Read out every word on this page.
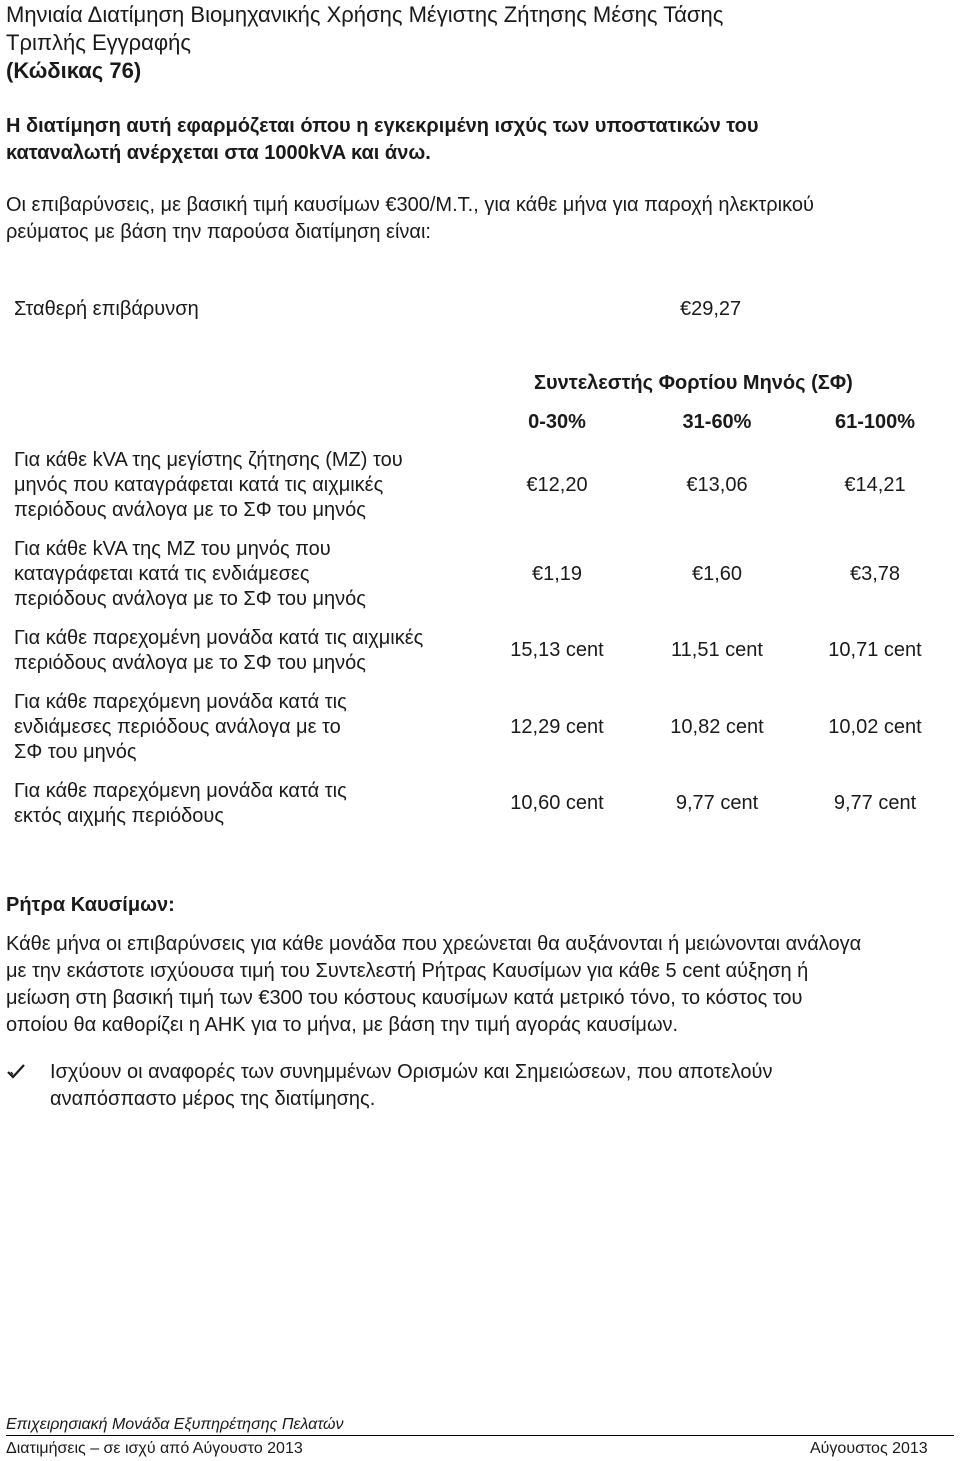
Μηνιαία Διατίμηση Βιομηχανικής Χρήσης Μέγιστης Ζήτησης Μέσης Τάσης
Τριπλής Εγγραφής
(Κώδικας 76)
Η διατίμηση αυτή εφαρμόζεται όπου η εγκεκριμένη ισχύς των υποστατικών του
καταναλωτή ανέρχεται στα 1000kVA και άνω.
Οι επιβαρύνσεις, με βασική τιμή καυσίμων €300/Μ.Τ., για κάθε μήνα για παροχή ηλεκτρικού
ρεύματος με βάση την παρούσα διατίμηση είναι:
Σταθερή επιβάρυνση	€29,27
Συντελεστής Φορτίου Μηνός (ΣΦ)
0-30%	31-60%	61-100%
Για κάθε kVA της μεγίστης ζήτησης (ΜΖ) του
μηνός που καταγράφεται κατά τις αιχμικές
περιόδους ανάλογα με το ΣΦ του μηνός
€12,20	€13,06	€14,21
Για κάθε kVA της ΜΖ του μηνός που
καταγράφεται κατά τις ενδιάμεσες
περιόδους ανάλογα με το ΣΦ του μηνός
€1,19	€1,60	€3,78
Για κάθε παρεχομένη μονάδα κατά τις αιχμικές
περιόδους ανάλογα με το ΣΦ του μηνός
15,13 cent	11,51 cent	10,71 cent
Για κάθε παρεχόμενη μονάδα κατά τις
ενδιάμεσες περιόδους ανάλογα με το
ΣΦ του μηνός
12,29 cent	10,82 cent	10,02 cent
Για κάθε παρεχόμενη μονάδα κατά τις
εκτός αιχμής περιόδους
10,60 cent	9,77 cent	9,77 cent
Ρήτρα Καυσίμων:
Κάθε μήνα οι επιβαρύνσεις για κάθε μονάδα που χρεώνεται θα αυξάνονται ή μειώνονται ανάλογα
με την εκάστοτε ισχύουσα τιμή του Συντελεστή Ρήτρας Καυσίμων για κάθε 5 cent αύξηση ή
μείωση στη βασική τιμή των €300 του κόστους καυσίμων κατά μετρικό τόνο, το κόστος του
οποίου θα καθορίζει η ΑΗΚ για το μήνα, με βάση την τιμή αγοράς καυσίμων.
Ισχύουν οι αναφορές των συνημμένων Ορισμών και Σημειώσεων, που αποτελούν
αναπόσπαστο μέρος της διατίμησης.
Επιχειρησιακή Μονάδα Εξυπηρέτησης Πελατών
Διατιμήσεις – σε ισχύ από Αύγουστο 2013	Αύγουστος 2013
